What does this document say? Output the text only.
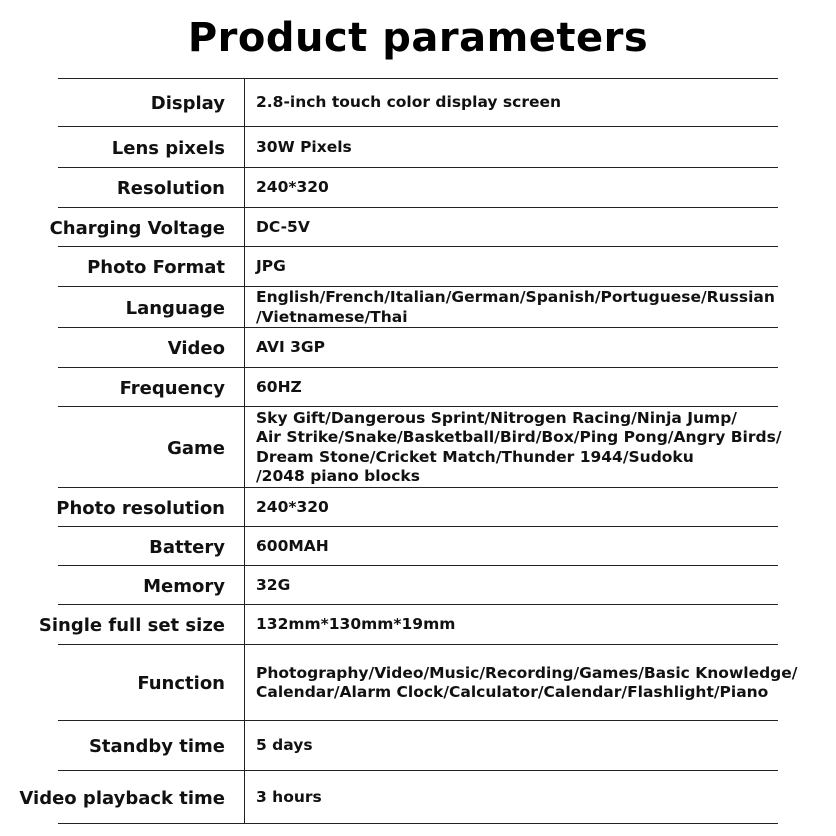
Product parameters
Display 2.8-inch touch color display screen
Lens pixels 30W Pixels
Resolution 240*320
Charging Voltage DC-5V
Photo Format JPG
Language
English/French/Italian/German/Spanish/Portuguese/Russian
/Vietnamese/Thai
Video AVI 3GP
Frequency 60HZ
Game
Sky Gift/Dangerous Sprint/Nitrogen Racing/Ninja Jump/
Air Strike/Snake/Basketball/Bird/Box/Ping Pong/Angry Birds/
Dream Stone/Cricket Match/Thunder 1944/Sudoku
/2048 piano blocks
Photo resolution 240*320
Battery 600MAH
Memory 32G
Single full set size 132mm*130mm*19mm
Function
Photography/Video/Music/Recording/Games/Basic Knowledge/
Calendar/Alarm Clock/Calculator/Calendar/Flashlight/Piano
Standby time 5 days
Video playback time 3 hours
